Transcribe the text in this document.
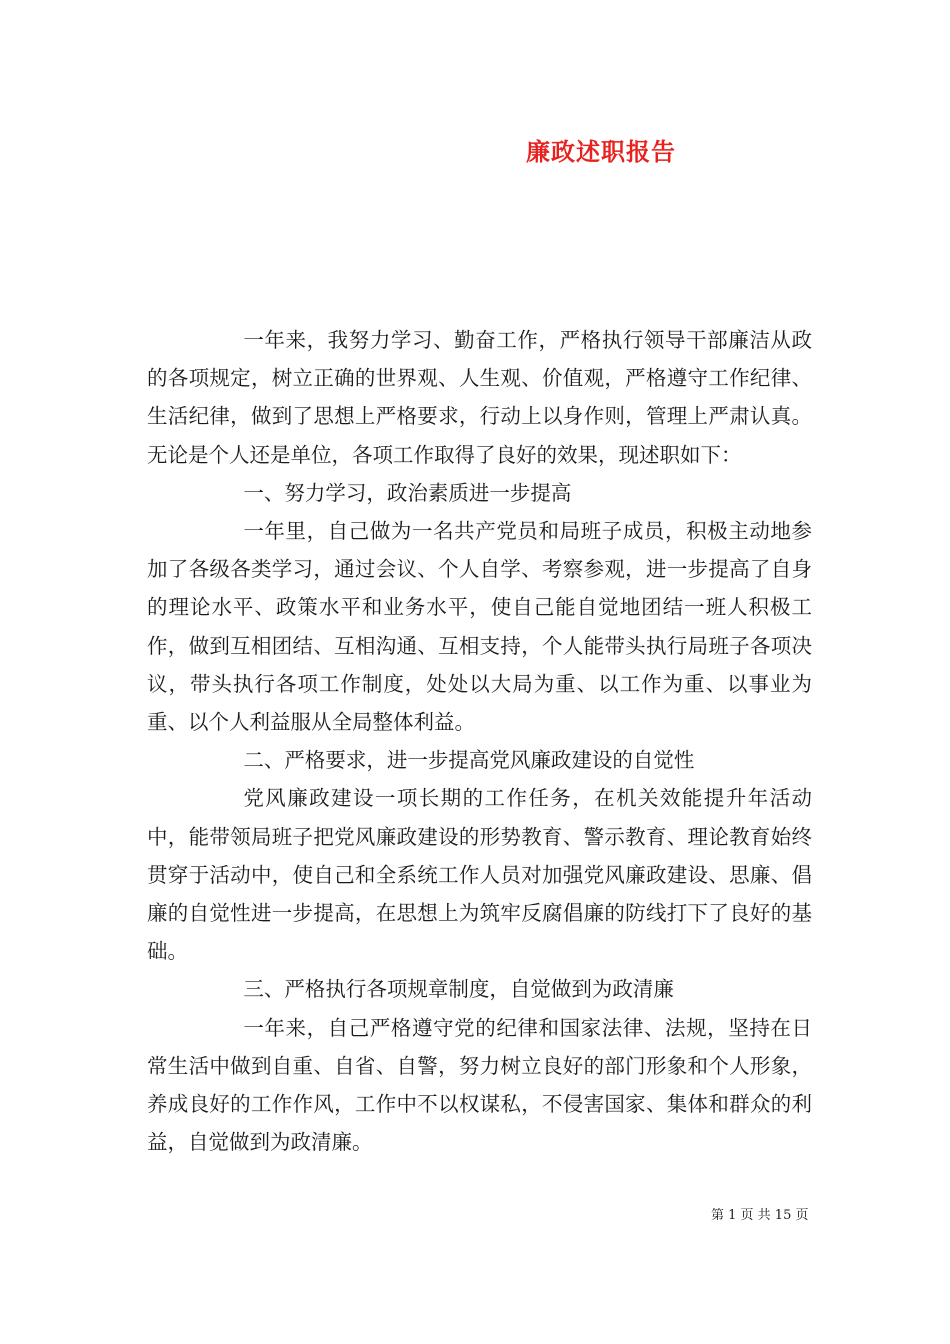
廉政述职报告

一年来，我努力学习、勤奋工作，严格执行领导干部廉洁从政的各项规定，树立正确的世界观、人生观、价值观，严格遵守工作纪律、生活纪律，做到了思想上严格要求，行动上以身作则，管理上严肃认真。无论是个人还是单位，各项工作取得了良好的效果，现述职如下：

一、努力学习，政治素质进一步提高

一年里，自己做为一名共产党员和局班子成员，积极主动地参加了各级各类学习，通过会议、个人自学、考察参观，进一步提高了自身的理论水平、政策水平和业务水平，使自己能自觉地团结一班人积极工作，做到互相团结、互相沟通、互相支持，个人能带头执行局班子各项决议，带头执行各项工作制度，处处以大局为重、以工作为重、以事业为重、以个人利益服从全局整体利益。

二、严格要求，进一步提高党风廉政建设的自觉性

党风廉政建设一项长期的工作任务，在机关效能提升年活动中，能带领局班子把党风廉政建设的形势教育、警示教育、理论教育始终贯穿于活动中，使自己和全系统工作人员对加强党风廉政建设、思廉、倡廉的自觉性进一步提高，在思想上为筑牢反腐倡廉的防线打下了良好的基础。

三、严格执行各项规章制度，自觉做到为政清廉

一年来，自己严格遵守党的纪律和国家法律、法规，坚持在日常生活中做到自重、自省、自警，努力树立良好的部门形象和个人形象，养成良好的工作作风，工作中不以权谋私，不侵害国家、集体和群众的利益，自觉做到为政清廉。

第 1 页 共 15 页
